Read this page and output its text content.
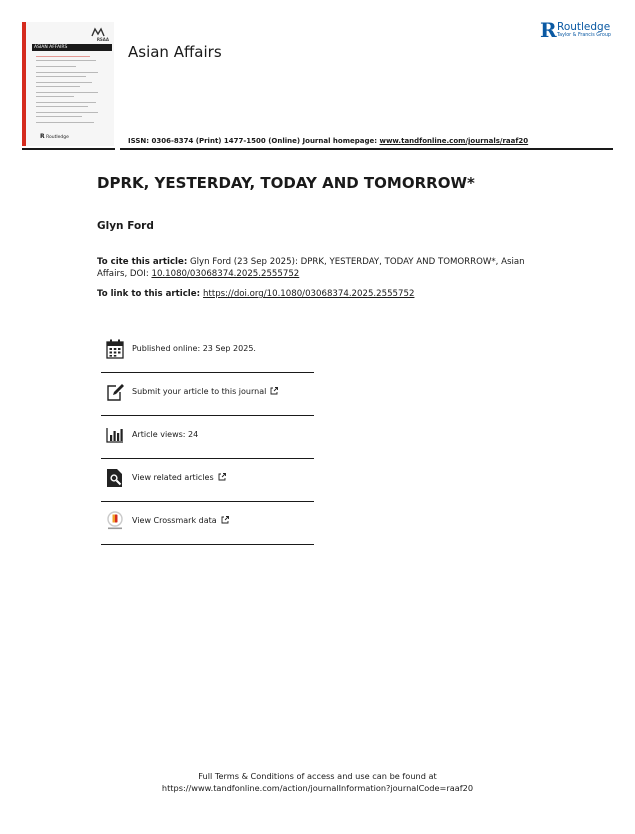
RSAA
ASIAN AFFAIRS
R Routledge
Asian Affairs
R Routledge
Taylor & Francis Group
ISSN: 0306-8374 (Print) 1477-1500 (Online) Journal homepage: www.tandfonline.com/journals/raaf20
DPRK, YESTERDAY, TODAY AND TOMORROW*
Glyn Ford
To cite this article: Glyn Ford (23 Sep 2025): DPRK, YESTERDAY, TODAY AND TOMORROW*, Asian Affairs, DOI: 10.1080/03068374.2025.2555752
To link to this article: https://doi.org/10.1080/03068374.2025.2555752
Published online: 23 Sep 2025.
Submit your article to this journal
Article views: 24
View related articles
View Crossmark data
Full Terms & Conditions of access and use can be found at
https://www.tandfonline.com/action/journalInformation?journalCode=raaf20
